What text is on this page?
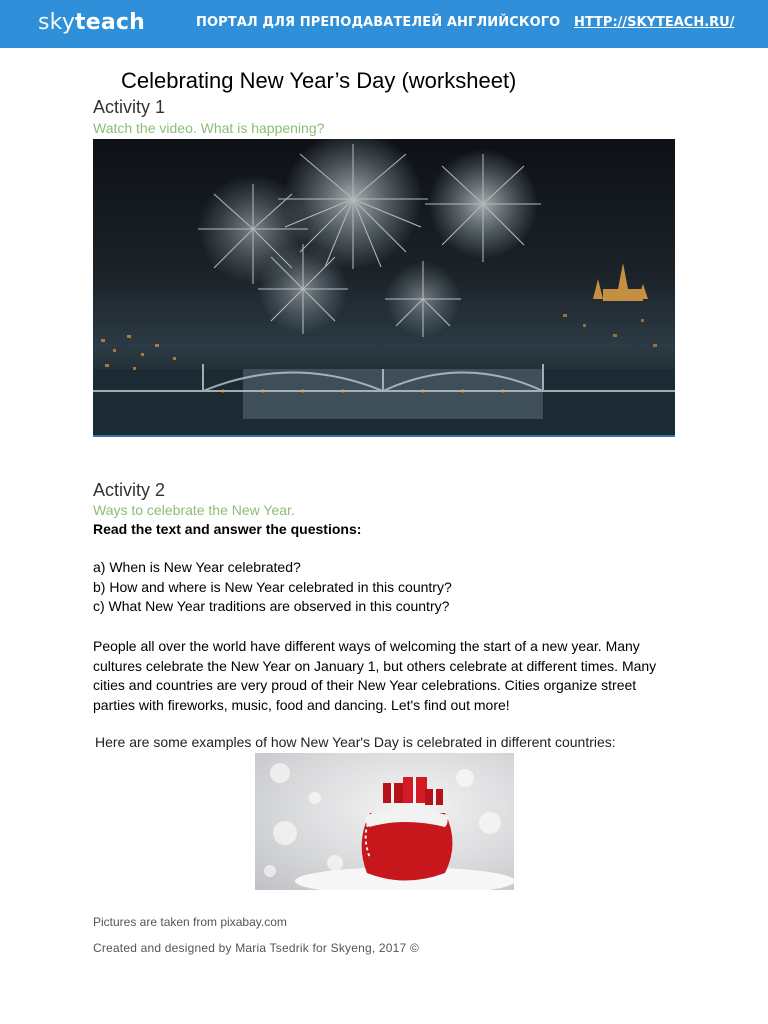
skyteach	ПОРТАЛ ДЛЯ ПРЕПОДАВАТЕЛЕЙ АНГЛИЙСКОГО HTTP://SKYTEACH.RU/
Celebrating New Year’s Day (worksheet)
Activity 1
Watch the video. What is happening?
Activity 2
Ways to celebrate the New Year.
Read the text and answer the questions:
a) When is New Year celebrated?
b) How and where is New Year celebrated in this country?
c) What New Year traditions are observed in this country?
People all over the world have different ways of welcoming the start of a new year. Many cultures celebrate the New Year on January 1, but others celebrate at different times. Many cities and countries are very proud of their New Year celebrations. Cities organize street parties with fireworks, music, food and dancing. Let's find out more!
Here are some examples of how New Year's Day is celebrated in different countries:
Pictures are taken from pixabay.com
Created and designed by Maria Tsedrik for Skyeng, 2017 ©
